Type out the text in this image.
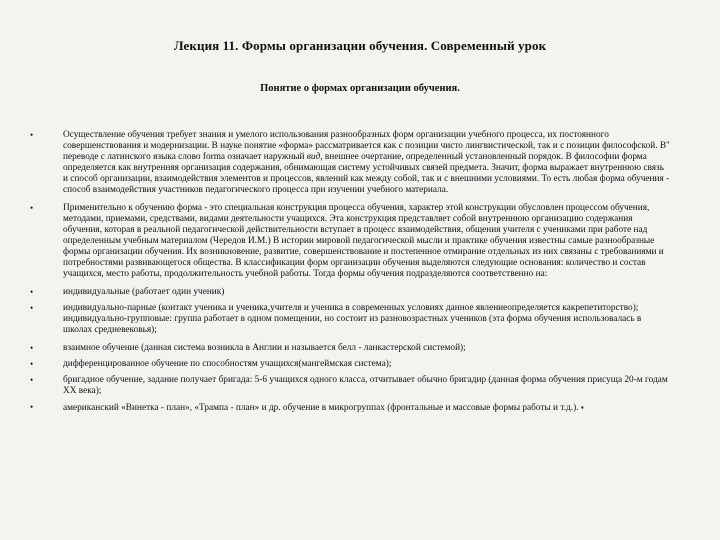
Лекция 11. Формы организации обучения. Современный урок
Понятие о формах организации обучения.
•	Осуществление обучения требует знания и умелого использования разнообразных форм организации учебного процесса, их постоянного совершенствования и модернизации. В науке понятие «форма» рассматривается как с позиции чисто лингвистической, так и с позиции философской. В" переводе с латинского языка слово forma означает наружный вид, внешнее очертание, определенный установленный порядок. В философии форма определяется как внутренняя организация содержания, обнимающая систему устойчивых связей предмета. Значит, форма выражает внутреннюю связь и способ организации, взаимодействия элементов и процессов, явлений как между собой, так и с внешними условиями. То есть любая форма обучения - способ взаимодействия участников педагогического процесса при изучении учебного материала.
•	Применительно к обучению форма - это специальная конструкция процесса обучения, характер этой конструкции обусловлен процессом обучения, методами, приемами, средствами, видами деятельности учащихся. Эта конструкция представляет собой внутреннюю организацию содержания обучения, которая в реальной педагогической действительности вступает в процесс взаимодействия, общения учителя с учениками при работе над определенным учебным материалом (Чередов И.М.) В истории мировой педагогической мысли и практике обучения известны самые разнообразные формы организации обучения. Их возникновение, развитие, совершенствование и постепенное отмирание отдельных из них связаны с требованиями и потребностями развивающегося общества. В классификации форм организации обучения выделяются следующие основания: количество и состав учащихся, место работы, продолжительность учебной работы. Тогда формы обучения подразделяются соответственно на:
•	индивидуальные (работает один ученик)
•	индивидуально-парные (контакт ученика и ученика,учителя и ученика в современных условиях данное явлениеопределяется какрепетиторство); индивидуально-групповые: группа работает в одном помещении, но состоит из разновозрастных учеников (эта форма обучения использовалась в школах средневековья);
•	взаимное обучение (данная система возникла в Англии и называется белл - ланкастерской системой);
•	дифференцированное обучение по способностям учащихся(мангеймская система);
•	бригадное обучение, задание получает бригада: 5-6 учащихся одного класса, отчитывает обычно бригадир (данная форма обучения присуща 20-м годам XX века);
•	американский «Винетка - план», «Трампа - план» и др. обучение в микрогруппах (фронтальные и массовые формы работы и т.д.). ▪
